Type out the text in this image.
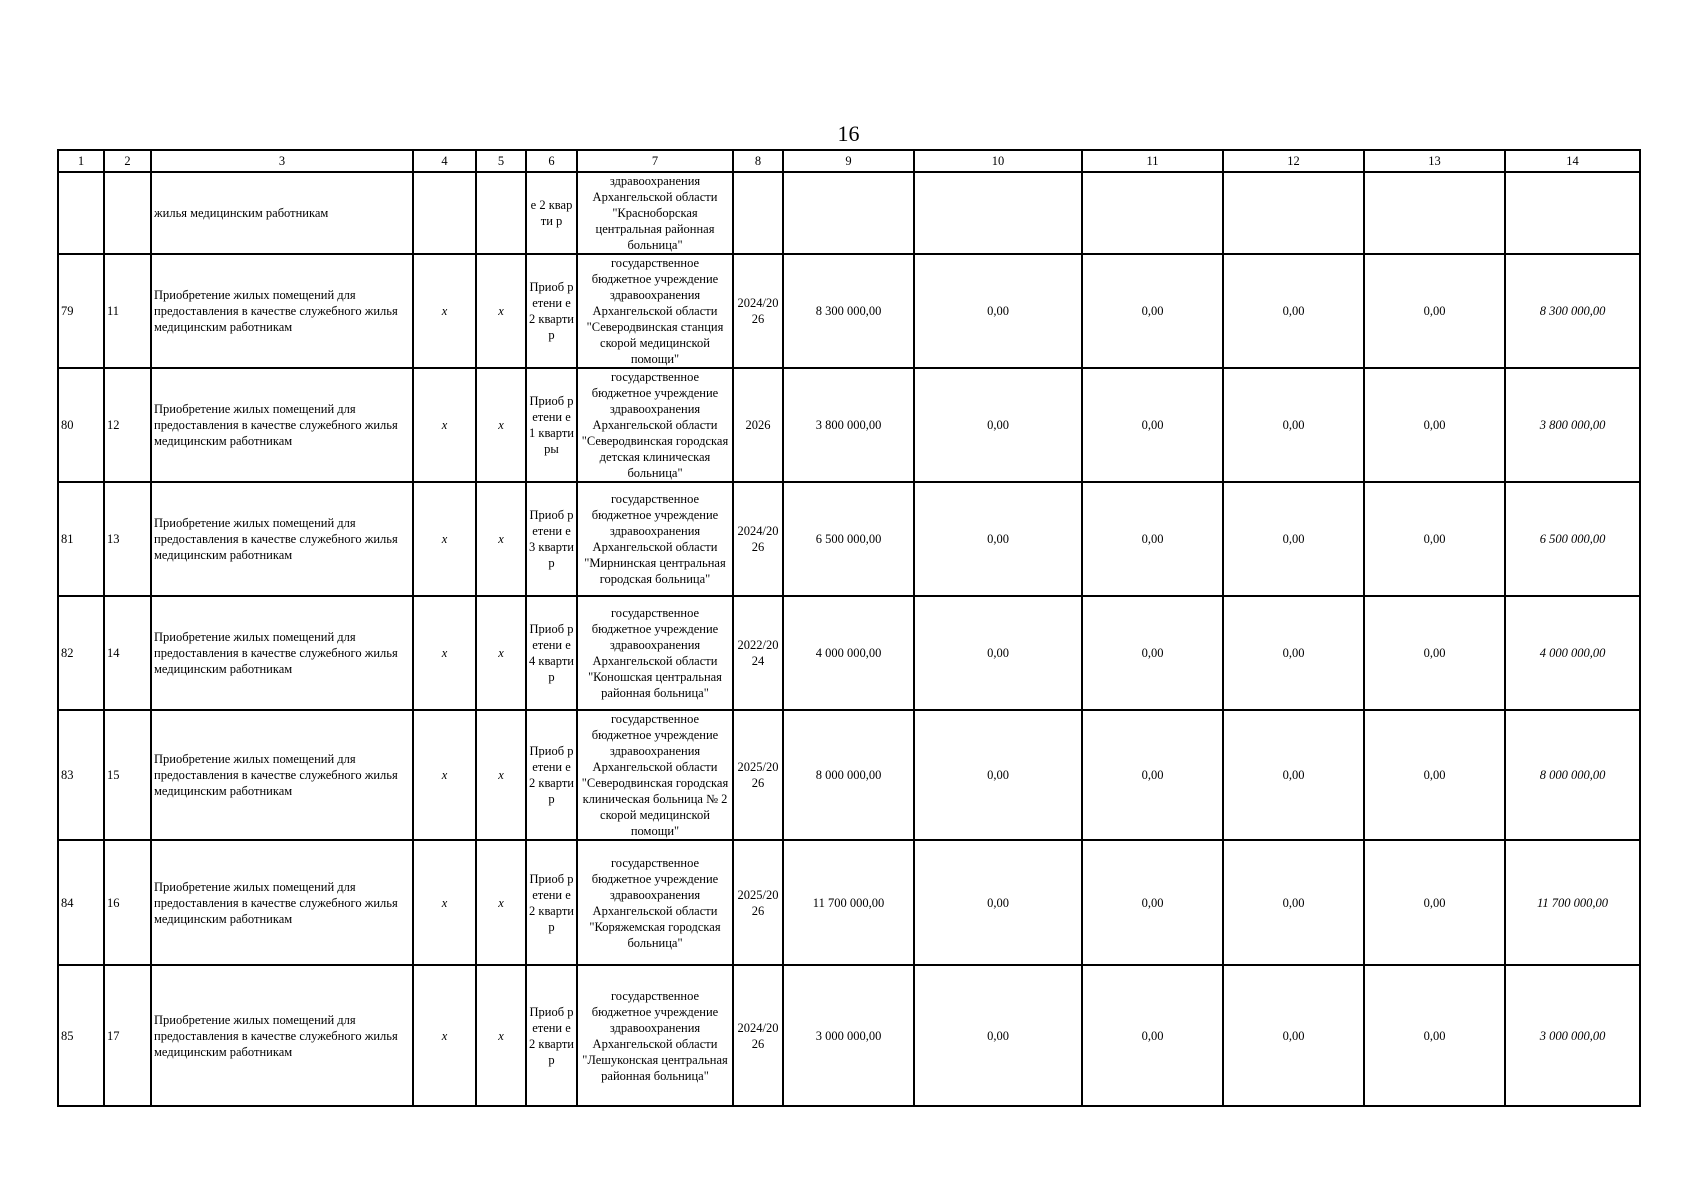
16
1	2	3	4	5	6	7	8	9	10	11	12	13	14
		жилья медицинским работникам			е 2 кварти р	здравоохранения Архангельской области "Красноборская центральная районная больница"							
79	11	Приобретение жилых помещений для предоставления в качестве служебного жилья медицинским работникам	x	x	Приоб ретени е 2 кварти р	государственное бюджетное учреждение здравоохранения Архангельской области "Северодвинская станция скорой медицинской помощи"	2024/20 26	8 300 000,00	0,00	0,00	0,00	0,00	8 300 000,00
80	12	Приобретение жилых помещений для предоставления в качестве служебного жилья медицинским работникам	x	x	Приоб ретени е 1 кварти ры	государственное бюджетное учреждение здравоохранения Архангельской области "Северодвинская городская детская клиническая больница"	2026	3 800 000,00	0,00	0,00	0,00	0,00	3 800 000,00
81	13	Приобретение жилых помещений для предоставления в качестве служебного жилья медицинским работникам	x	x	Приоб ретени е 3 кварти р	государственное бюджетное учреждение здравоохранения Архангельской области "Мирнинская центральная городская больница"	2024/20 26	6 500 000,00	0,00	0,00	0,00	0,00	6 500 000,00
82	14	Приобретение жилых помещений для предоставления в качестве служебного жилья медицинским работникам	x	x	Приоб ретени е 4 кварти р	государственное бюджетное учреждение здравоохранения Архангельской области "Коношская центральная районная больница"	2022/20 24	4 000 000,00	0,00	0,00	0,00	0,00	4 000 000,00
83	15	Приобретение жилых помещений для предоставления в качестве служебного жилья медицинским работникам	x	x	Приоб ретени е 2 кварти р	государственное бюджетное учреждение здравоохранения Архангельской области "Северодвинская городская клиническая больница № 2 скорой медицинской помощи"	2025/20 26	8 000 000,00	0,00	0,00	0,00	0,00	8 000 000,00
84	16	Приобретение жилых помещений для предоставления в качестве служебного жилья медицинским работникам	x	x	Приоб ретени е 2 кварти р	государственное бюджетное учреждение здравоохранения Архангельской области "Коряжемская городская больница"	2025/20 26	11 700 000,00	0,00	0,00	0,00	0,00	11 700 000,00
85	17	Приобретение жилых помещений для предоставления в качестве служебного жилья медицинским работникам	x	x	Приоб ретени е 2 кварти р	государственное бюджетное учреждение здравоохранения Архангельской области "Лешуконская центральная районная больница"	2024/20 26	3 000 000,00	0,00	0,00	0,00	0,00	3 000 000,00
